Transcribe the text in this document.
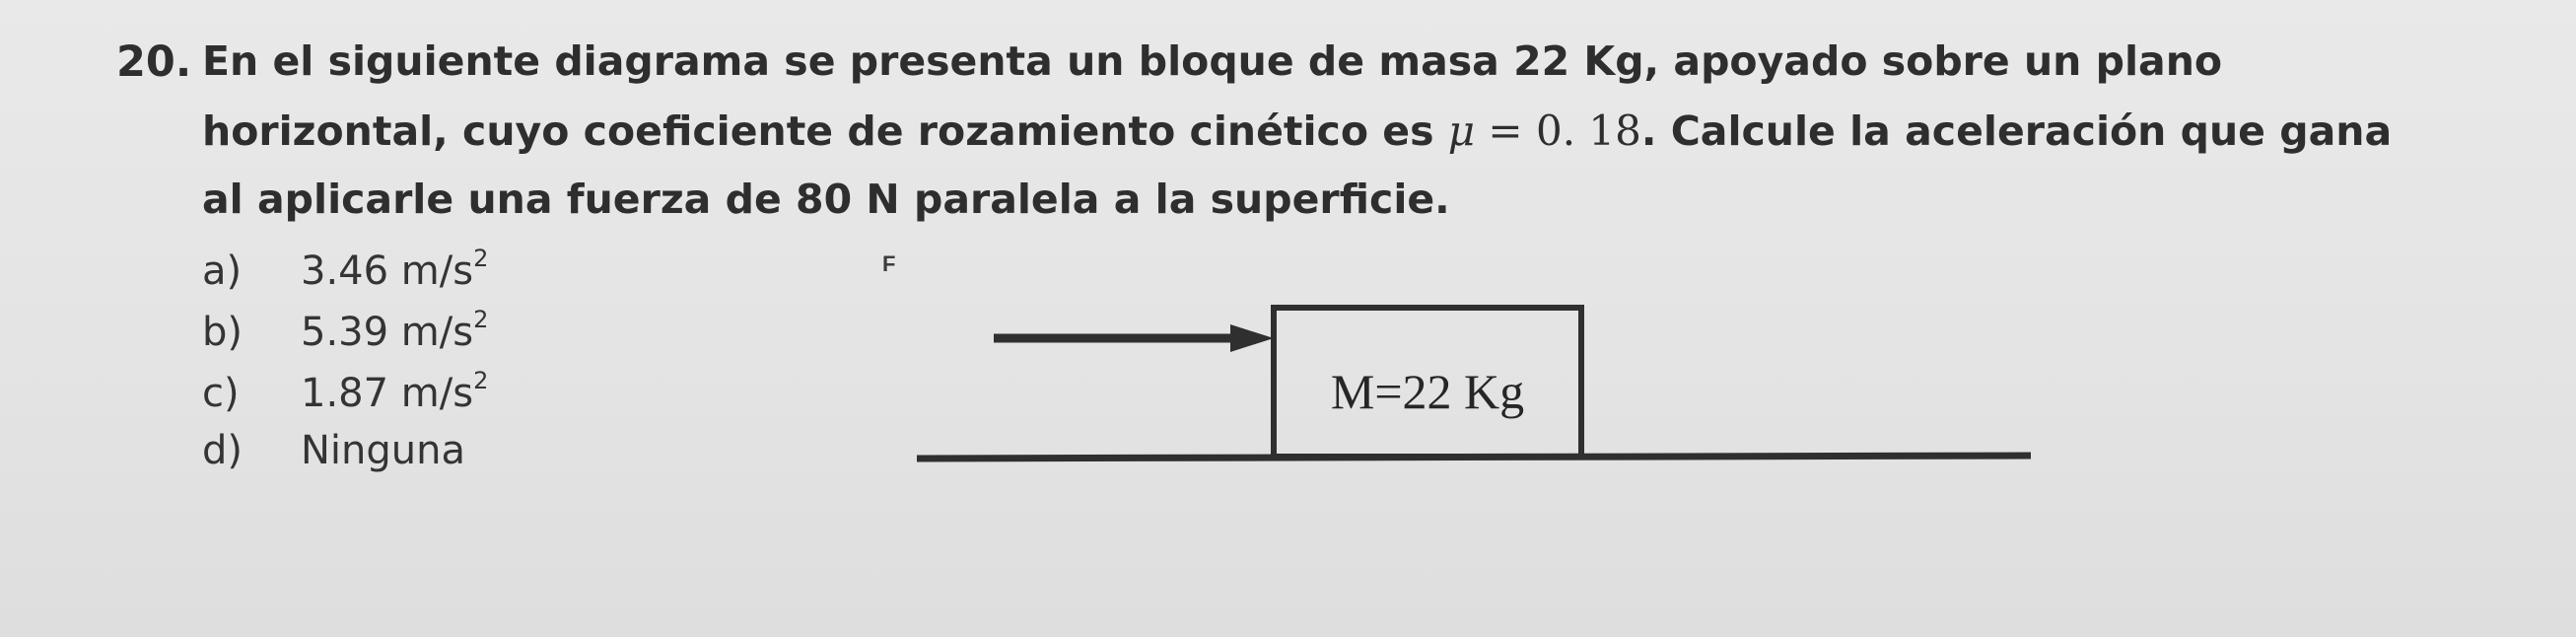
20. En el siguiente diagrama se presenta un bloque de masa 22 Kg, apoyado sobre un plano
horizontal, cuyo coeficiente de rozamiento cinético es μ = 0. 18. Calcule la aceleración que gana
al aplicarle una fuerza de 80 N paralela a la superficie.
a) 3.46 $m/s^2$
b) 5.39 $m/s^2$
c) 1.87 $m/s^2$
d) Ninguna
F
M=22 Kg
